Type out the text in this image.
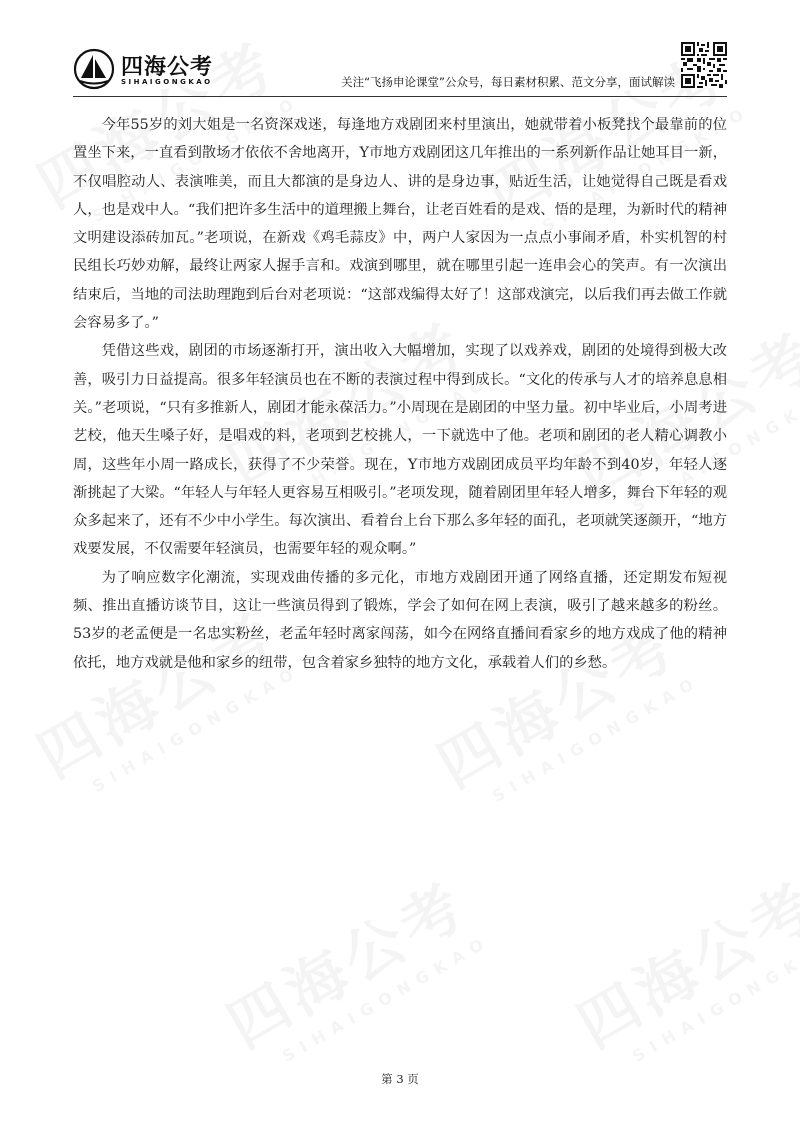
四海公考
SIHAIGONGKAO	关注“飞扬申论课堂”公众号，每日素材积累、范文分享，面试解读

今年55岁的刘大姐是一名资深戏迷，每逢地方戏剧团来村里演出，她就带着小板凳找个最靠前的位置坐下来，一直看到散场才依依不舍地离开，Y市地方戏剧团这几年推出的一系列新作品让她耳目一新，不仅唱腔动人、表演唯美，而且大都演的是身边人、讲的是身边事，贴近生活，让她觉得自己既是看戏人，也是戏中人。“我们把许多生活中的道理搬上舞台，让老百姓看的是戏、悟的是理，为新时代的精神文明建设添砖加瓦。”老项说，在新戏《鸡毛蒜皮》中，两户人家因为一点点小事闹矛盾，朴实机智的村民组长巧妙劝解，最终让两家人握手言和。戏演到哪里，就在哪里引起一连串会心的笑声。有一次演出结束后，当地的司法助理跑到后台对老项说：“这部戏编得太好了！这部戏演完，以后我们再去做工作就会容易多了。”

凭借这些戏，剧团的市场逐渐打开，演出收入大幅增加，实现了以戏养戏，剧团的处境得到极大改善，吸引力日益提高。很多年轻演员也在不断的表演过程中得到成长。“文化的传承与人才的培养息息相关。”老项说，“只有多推新人，剧团才能永葆活力。”小周现在是剧团的中坚力量。初中毕业后，小周考进艺校，他天生嗓子好，是唱戏的料，老项到艺校挑人，一下就选中了他。老项和剧团的老人精心调教小周，这些年小周一路成长，获得了不少荣誉。现在，Y市地方戏剧团成员平均年龄不到40岁，年轻人逐渐挑起了大梁。“年轻人与年轻人更容易互相吸引。”老项发现，随着剧团里年轻人增多，舞台下年轻的观众多起来了，还有不少中小学生。每次演出、看着台上台下那么多年轻的面孔，老项就笑逐颜开，“地方戏要发展，不仅需要年轻演员，也需要年轻的观众啊。”

为了响应数字化潮流，实现戏曲传播的多元化，市地方戏剧团开通了网络直播，还定期发布短视频、推出直播访谈节目，这让一些演员得到了锻炼，学会了如何在网上表演，吸引了越来越多的粉丝。53岁的老孟便是一名忠实粉丝，老孟年轻时离家闯荡，如今在网络直播间看家乡的地方戏成了他的精神依托，地方戏就是他和家乡的纽带，包含着家乡独特的地方文化，承载着人们的乡愁。

第 3 页
